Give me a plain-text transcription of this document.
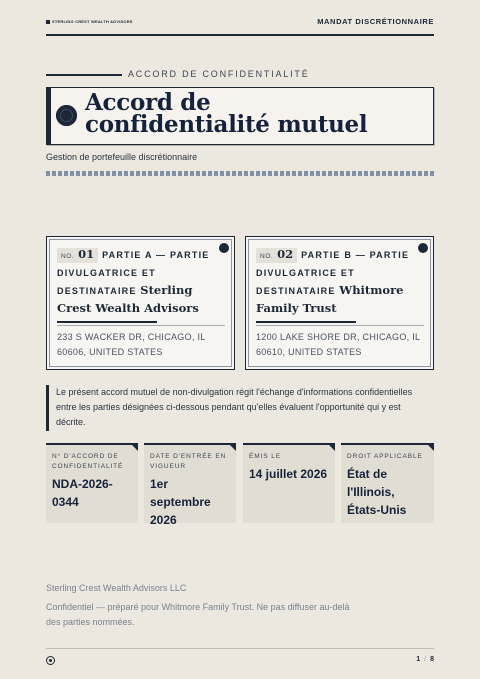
STERLING CREST WEALTH ADVISORS	MANDAT DISCRÉTIONNAIRE
ACCORD DE CONFIDENTIALITÉ
Accord de
confidentialité mutuel
Gestion de portefeuille discrétionnaire
NO. 01 PARTIE A — PARTIE DIVULGATRICE ET DESTINATAIRE Sterling Crest Wealth Advisors
233 S WACKER DR, CHICAGO, IL 60606, UNITED STATES
NO. 02 PARTIE B — PARTIE DIVULGATRICE ET DESTINATAIRE Whitmore Family Trust
1200 LAKE SHORE DR, CHICAGO, IL 60610, UNITED STATES
Le présent accord mutuel de non-divulgation régit l'échange d'informations confidentielles entre les parties désignées ci-dessous pendant qu'elles évaluent l'opportunité qui y est décrite.
N° D'ACCORD DE CONFIDENTIALITÉ
NDA-2026-0344
DATE D'ENTRÉE EN VIGUEUR
1er septembre 2026
ÉMIS LE
14 juillet 2026
DROIT APPLICABLE
État de l'Illinois, États-Unis
Sterling Crest Wealth Advisors LLC
Confidentiel — préparé pour Whitmore Family Trust. Ne pas diffuser au-delà des parties nommées.
1 / 8
